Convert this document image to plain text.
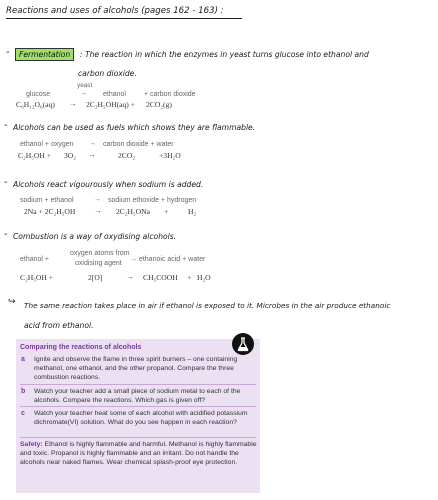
Reactions and uses of alcohols (pages 162 - 163) :
-	Fermentation	: The reaction in which the enzymes in yeast turns glucose into ethanol and
carbon dioxide.
yeast
glucose	→ ethanol	+ carbon dioxide
C₆H₁₂O₆(aq) → 2C₂H₅OH(aq) + 2CO₂(g)
- Alcohols can be used as fuels which shows they are flammable.
ethanol + oxygen → carbon dioxide + water
C₂H₅OH + 3O₂ →	2CO₂	+3H₂O
- Alcohols react vigourously when sodium is added.
sodium + ethanol	→ sodium ethoxide + hydrogen
2Na + 2C₂H₅OH → 2C₂H₅ONa +	H₂
- Combustion is a way of oxydising alcohols.
ethanol +
oxygen atoms from
oxidising agent
→ ethanoic acid + water
C₂H₅OH +	2[O]	→ CH₃COOH + H₂O
↪ The same reaction takes place in air if ethanol is exposed to it. Microbes in the air produce ethanoic
acid from ethanol.
Comparing the reactions of alcohols
a Ignite and observe the flame in three spirit burners – one containing methanol, one ethanol, and the other propanol. Compare the three combustion reactions.
b Watch your teacher add a small piece of sodium metal to each of the alcohols. Compare the reactions. Which gas is given off?
c Watch your teacher heat some of each alcohol with acidified potassium dichromate(VI) solution. What do you see happen in each reaction?
Safety: Ethanol is highly flammable and harmful. Methanol is highly flammable and toxic. Propanol is highly flammable and an irritant. Do not handle the alcohols near naked flames. Wear chemical splash-proof eye protection.
